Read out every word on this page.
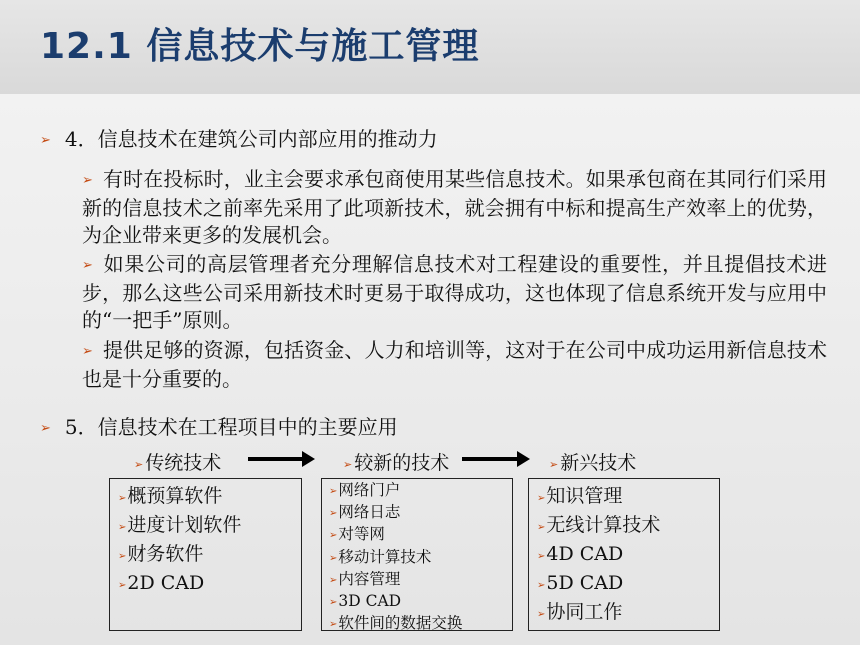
12.1 信息技术与施工管理
➢ 4．信息技术在建筑公司内部应用的推动力
➢ 有时在投标时，业主会要求承包商使用某些信息技术。如果承包商在其同行们采用新的信息技术之前率先采用了此项新技术，就会拥有中标和提高生产效率上的优势，为企业带来更多的发展机会。
➢ 如果公司的高层管理者充分理解信息技术对工程建设的重要性，并且提倡技术进步，那么这些公司采用新技术时更易于取得成功，这也体现了信息系统开发与应用中的“一把手”原则。
➢ 提供足够的资源，包括资金、人力和培训等，这对于在公司中成功运用新信息技术也是十分重要的。
➢ 5．信息技术在工程项目中的主要应用
➢ 传统技术	➢ 较新的技术	➢ 新兴技术
➢概预算软件
➢进度计划软件
➢财务软件
➢2D CAD
➢网络门户
➢网络日志
➢对等网
➢移动计算技术
➢内容管理
➢3D CAD
➢软件间的数据交换
➢知识管理
➢无线计算技术
➢4D CAD
➢5D CAD
➢协同工作
